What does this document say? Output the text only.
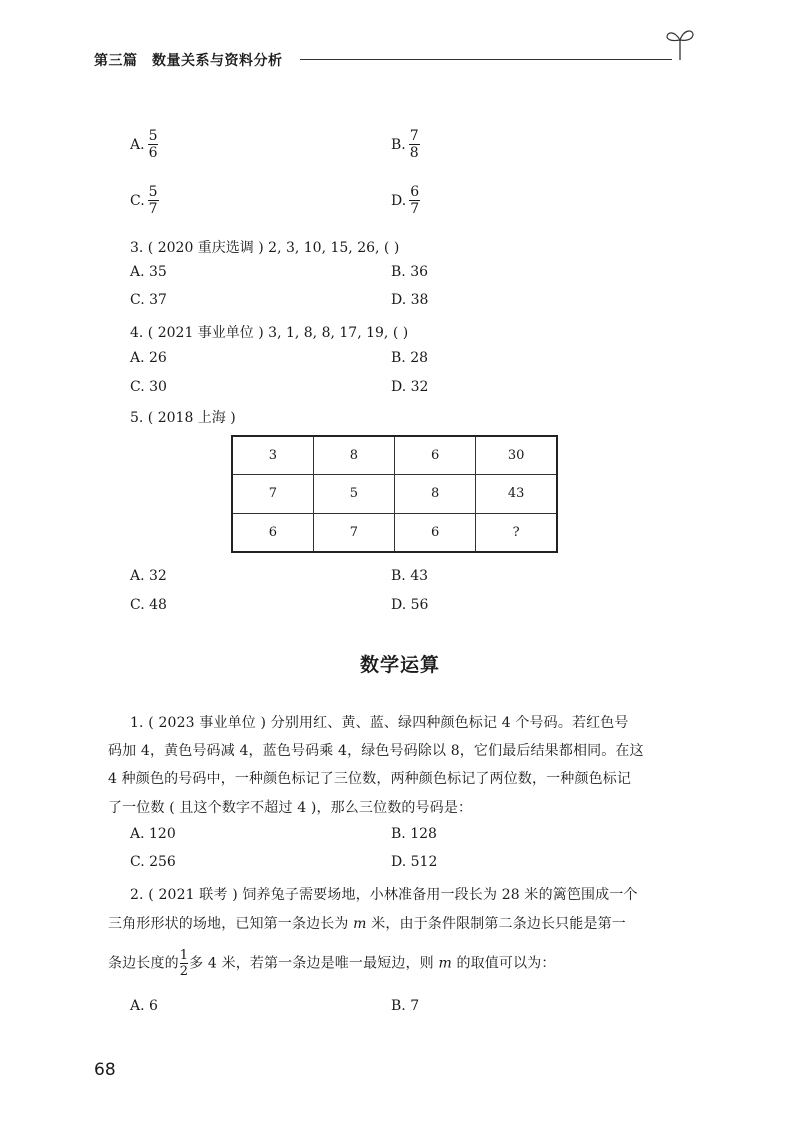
第三篇　数量关系与资料分析
A. $\frac{5}{6}$	B. $\frac{7}{8}$
C. $\frac{5}{7}$	D. $\frac{6}{7}$
3. ( 2020 重庆选调 ) 2, 3, 10, 15, 26, ( )
A. 35	B. 36
C. 37	D. 38
4. ( 2021 事业单位 ) 3, 1, 8, 8, 17, 19, ( )
A. 26	B. 28
C. 30	D. 32
5. ( 2018 上海 )
3	8	6	30
7	5	8	43
6	7	6	?
A. 32	B. 43
C. 48	D. 56
数学运算
1. ( 2023 事业单位 ) 分别用红、黄、蓝、绿四种颜色标记 4 个号码。若红色号
码加 4，黄色号码减 4，蓝色号码乘 4，绿色号码除以 8，它们最后结果都相同。在这
4 种颜色的号码中，一种颜色标记了三位数，两种颜色标记了两位数，一种颜色标记
了一位数 ( 且这个数字不超过 4 )，那么三位数的号码是：
A. 120	B. 128
C. 256	D. 512
2. ( 2021 联考 ) 饲养兔子需要场地，小林准备用一段长为 28 米的篱笆围成一个
三角形形状的场地，已知第一条边长为 m 米，由于条件限制第二条边长只能是第一
条边长度的 $\frac{1}{2}$ 多 4 米，若第一条边是唯一最短边，则 m 的取值可以为：
A. 6	B. 7
68
